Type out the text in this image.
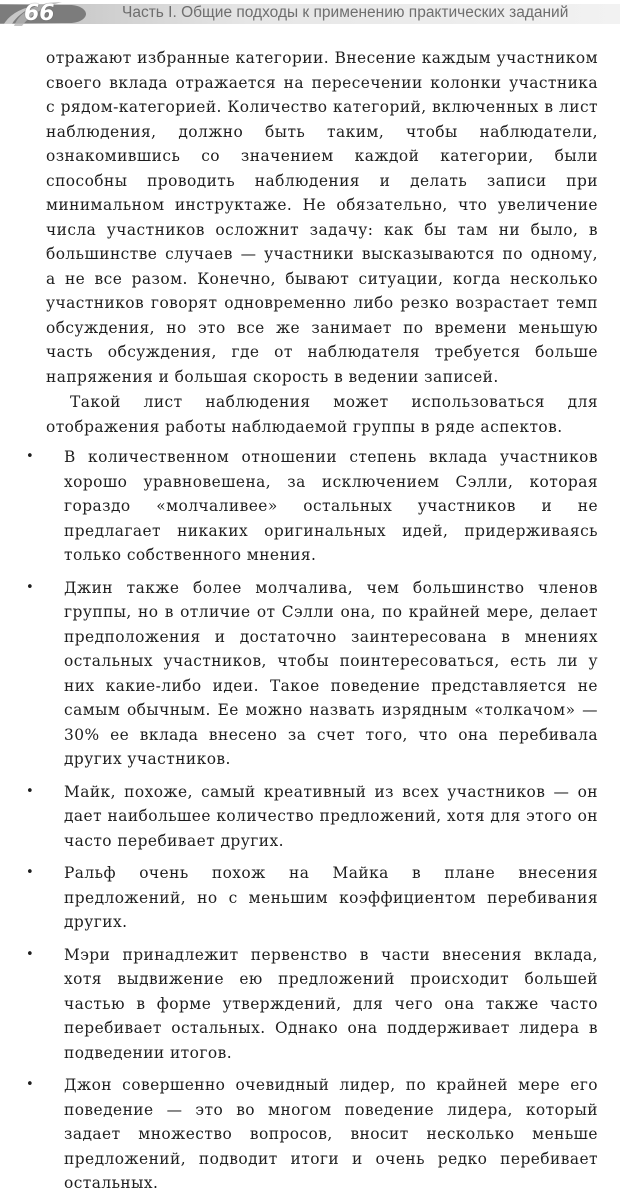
66	Часть I. Общие подходы к применению практических заданий

отражают избранные категории. Внесение каждым участником своего вклада отражается на пересечении колонки участника с рядом-категорией. Количество категорий, включенных в лист наблюдения, должно быть таким, чтобы наблюдатели, ознакомившись со значением каждой категории, были способны проводить наблюдения и делать записи при минимальном инструктаже. Не обязательно, что увеличение числа участников осложнит задачу: как бы там ни было, в большинстве случаев — участники высказываются по одному, а не все разом. Конечно, бывают ситуации, когда несколько участников говорят одновременно либо резко возрастает темп обсуждения, но это все же занимает по времени меньшую часть обсуждения, где от наблюдателя требуется больше напряжения и большая скорость в ведении записей.

Такой лист наблюдения может использоваться для отображения работы наблюдаемой группы в ряде аспектов.

•	В количественном отношении степень вклада участников хорошо уравновешена, за исключением Сэлли, которая гораздо «молчаливее» остальных участников и не предлагает никаких оригинальных идей, придерживаясь только собственного мнения.
•	Джин также более молчалива, чем большинство членов группы, но в отличие от Сэлли она, по крайней мере, делает предположения и достаточно заинтересована в мнениях остальных участников, чтобы поинтересоваться, есть ли у них какие-либо идеи. Такое поведение представляется не самым обычным. Ее можно назвать изрядным «толкачом» — 30% ее вклада внесено за счет того, что она перебивала других участников.
•	Майк, похоже, самый креативный из всех участников — он дает наибольшее количество предложений, хотя для этого он часто перебивает других.
•	Ральф очень похож на Майка в плане внесения предложений, но с меньшим коэффициентом перебивания других.
•	Мэри принадлежит первенство в части внесения вклада, хотя выдвижение ею предложений происходит большей частью в форме утверждений, для чего она также часто перебивает остальных. Однако она поддерживает лидера в подведении итогов.
•	Джон совершенно очевидный лидер, по крайней мере его поведение — это во многом поведение лидера, который задает множество вопросов, вносит несколько меньше предложений, подводит итоги и очень редко перебивает остальных.
